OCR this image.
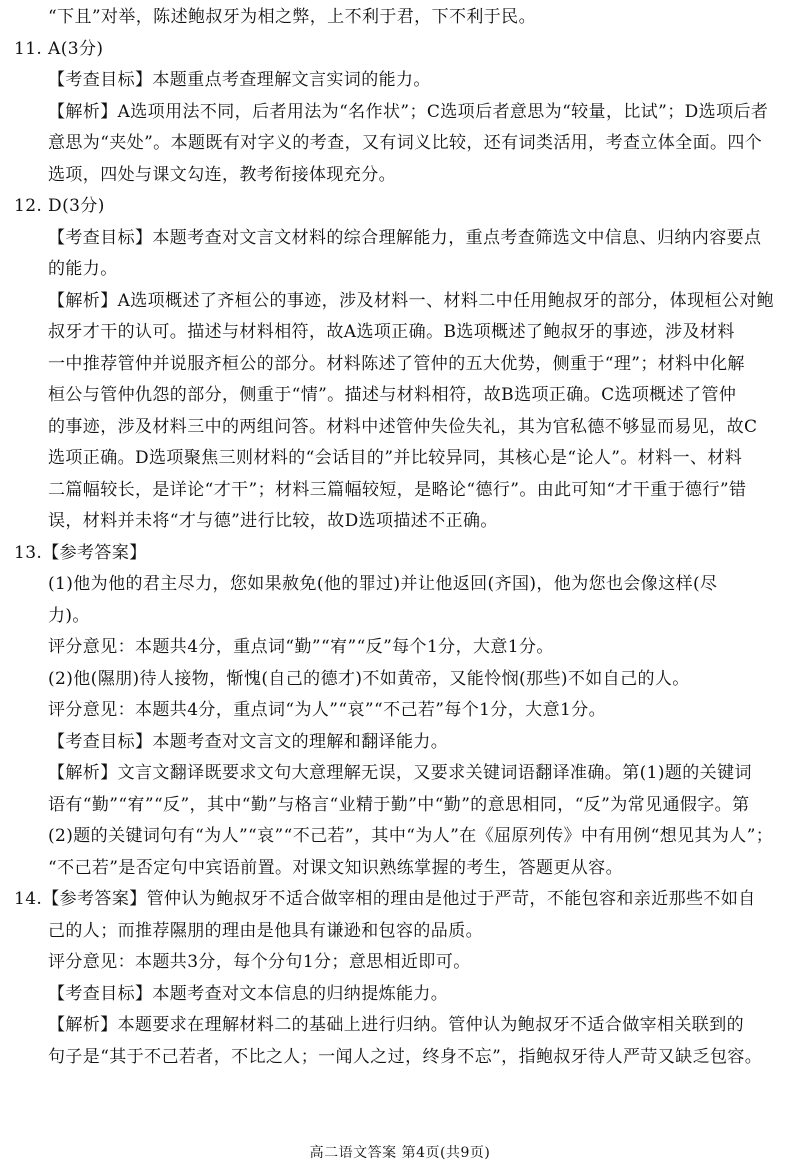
“下且”对举，陈述鲍叔牙为相之弊，上不利于君，下不利于民。
11. A(3分)
【考查目标】本题重点考查理解文言实词的能力。
【解析】A选项用法不同，后者用法为“名作状”；C选项后者意思为“较量，比试”；D选项后者
意思为“夹处”。本题既有对字义的考查，又有词义比较，还有词类活用，考查立体全面。四个
选项，四处与课文勾连，教考衔接体现充分。
12. D(3分)
【考查目标】本题考查对文言文材料的综合理解能力，重点考查筛选文中信息、归纳内容要点
的能力。
【解析】A选项概述了齐桓公的事迹，涉及材料一、材料二中任用鲍叔牙的部分，体现桓公对鲍
叔牙才干的认可。描述与材料相符，故A选项正确。B选项概述了鲍叔牙的事迹，涉及材料
一中推荐管仲并说服齐桓公的部分。材料陈述了管仲的五大优势，侧重于“理”；材料中化解
桓公与管仲仇怨的部分，侧重于“情”。描述与材料相符，故B选项正确。C选项概述了管仲
的事迹，涉及材料三中的两组问答。材料中述管仲失俭失礼，其为官私德不够显而易见，故C
选项正确。D选项聚焦三则材料的“会话目的”并比较异同，其核心是“论人”。材料一、材料
二篇幅较长，是详论“才干”；材料三篇幅较短，是略论“德行”。由此可知“才干重于德行”错
误，材料并未将“才与德”进行比较，故D选项描述不正确。
13.【参考答案】
(1)他为他的君主尽力，您如果赦免(他的罪过)并让他返回(齐国)，他为您也会像这样(尽
力)。
评分意见：本题共4分，重点词“勤”“宥”“反”每个1分，大意1分。
(2)他(隰朋)待人接物，惭愧(自己的德才)不如黄帝，又能怜悯(那些)不如自己的人。
评分意见：本题共4分，重点词“为人”“哀”“不己若”每个1分，大意1分。
【考查目标】本题考查对文言文的理解和翻译能力。
【解析】文言文翻译既要求文句大意理解无误，又要求关键词语翻译准确。第(1)题的关键词
语有“勤”“宥”“反”，其中“勤”与格言“业精于勤”中“勤”的意思相同，“反”为常见通假字。第
(2)题的关键词句有“为人”“哀”“不己若”，其中“为人”在《屈原列传》中有用例“想见其为人”；
“不己若”是否定句中宾语前置。对课文知识熟练掌握的考生，答题更从容。
14.【参考答案】管仲认为鲍叔牙不适合做宰相的理由是他过于严苛，不能包容和亲近那些不如自
己的人；而推荐隰朋的理由是他具有谦逊和包容的品质。
评分意见：本题共3分，每个分句1分；意思相近即可。
【考查目标】本题考查对文本信息的归纳提炼能力。
【解析】本题要求在理解材料二的基础上进行归纳。管仲认为鲍叔牙不适合做宰相关联到的
句子是“其于不己若者，不比之人；一闻人之过，终身不忘”，指鲍叔牙待人严苛又缺乏包容。
高二语文答案 第4页(共9页)
